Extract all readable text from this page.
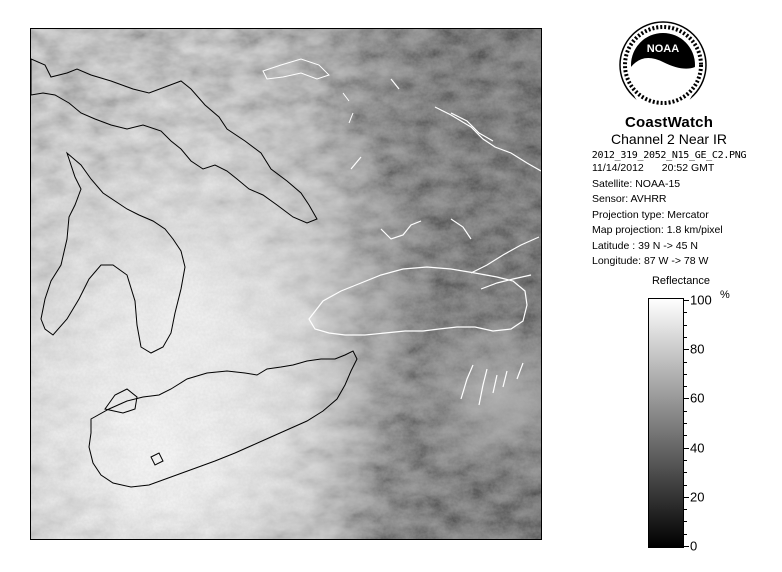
NOAA
CoastWatch
Channel 2 Near IR
2012_319_2052_N15_GE_C2.PNG
11/14/2012 20:52 GMT
Satellite: NOAA-15
Sensor: AVHRR
Projection type: Mercator
Map projection: 1.8 km/pixel
Latitude : 39 N -> 45 N
Longitude: 87 W -> 78 W
Reflectance
%
100
80
60
40
20
0
